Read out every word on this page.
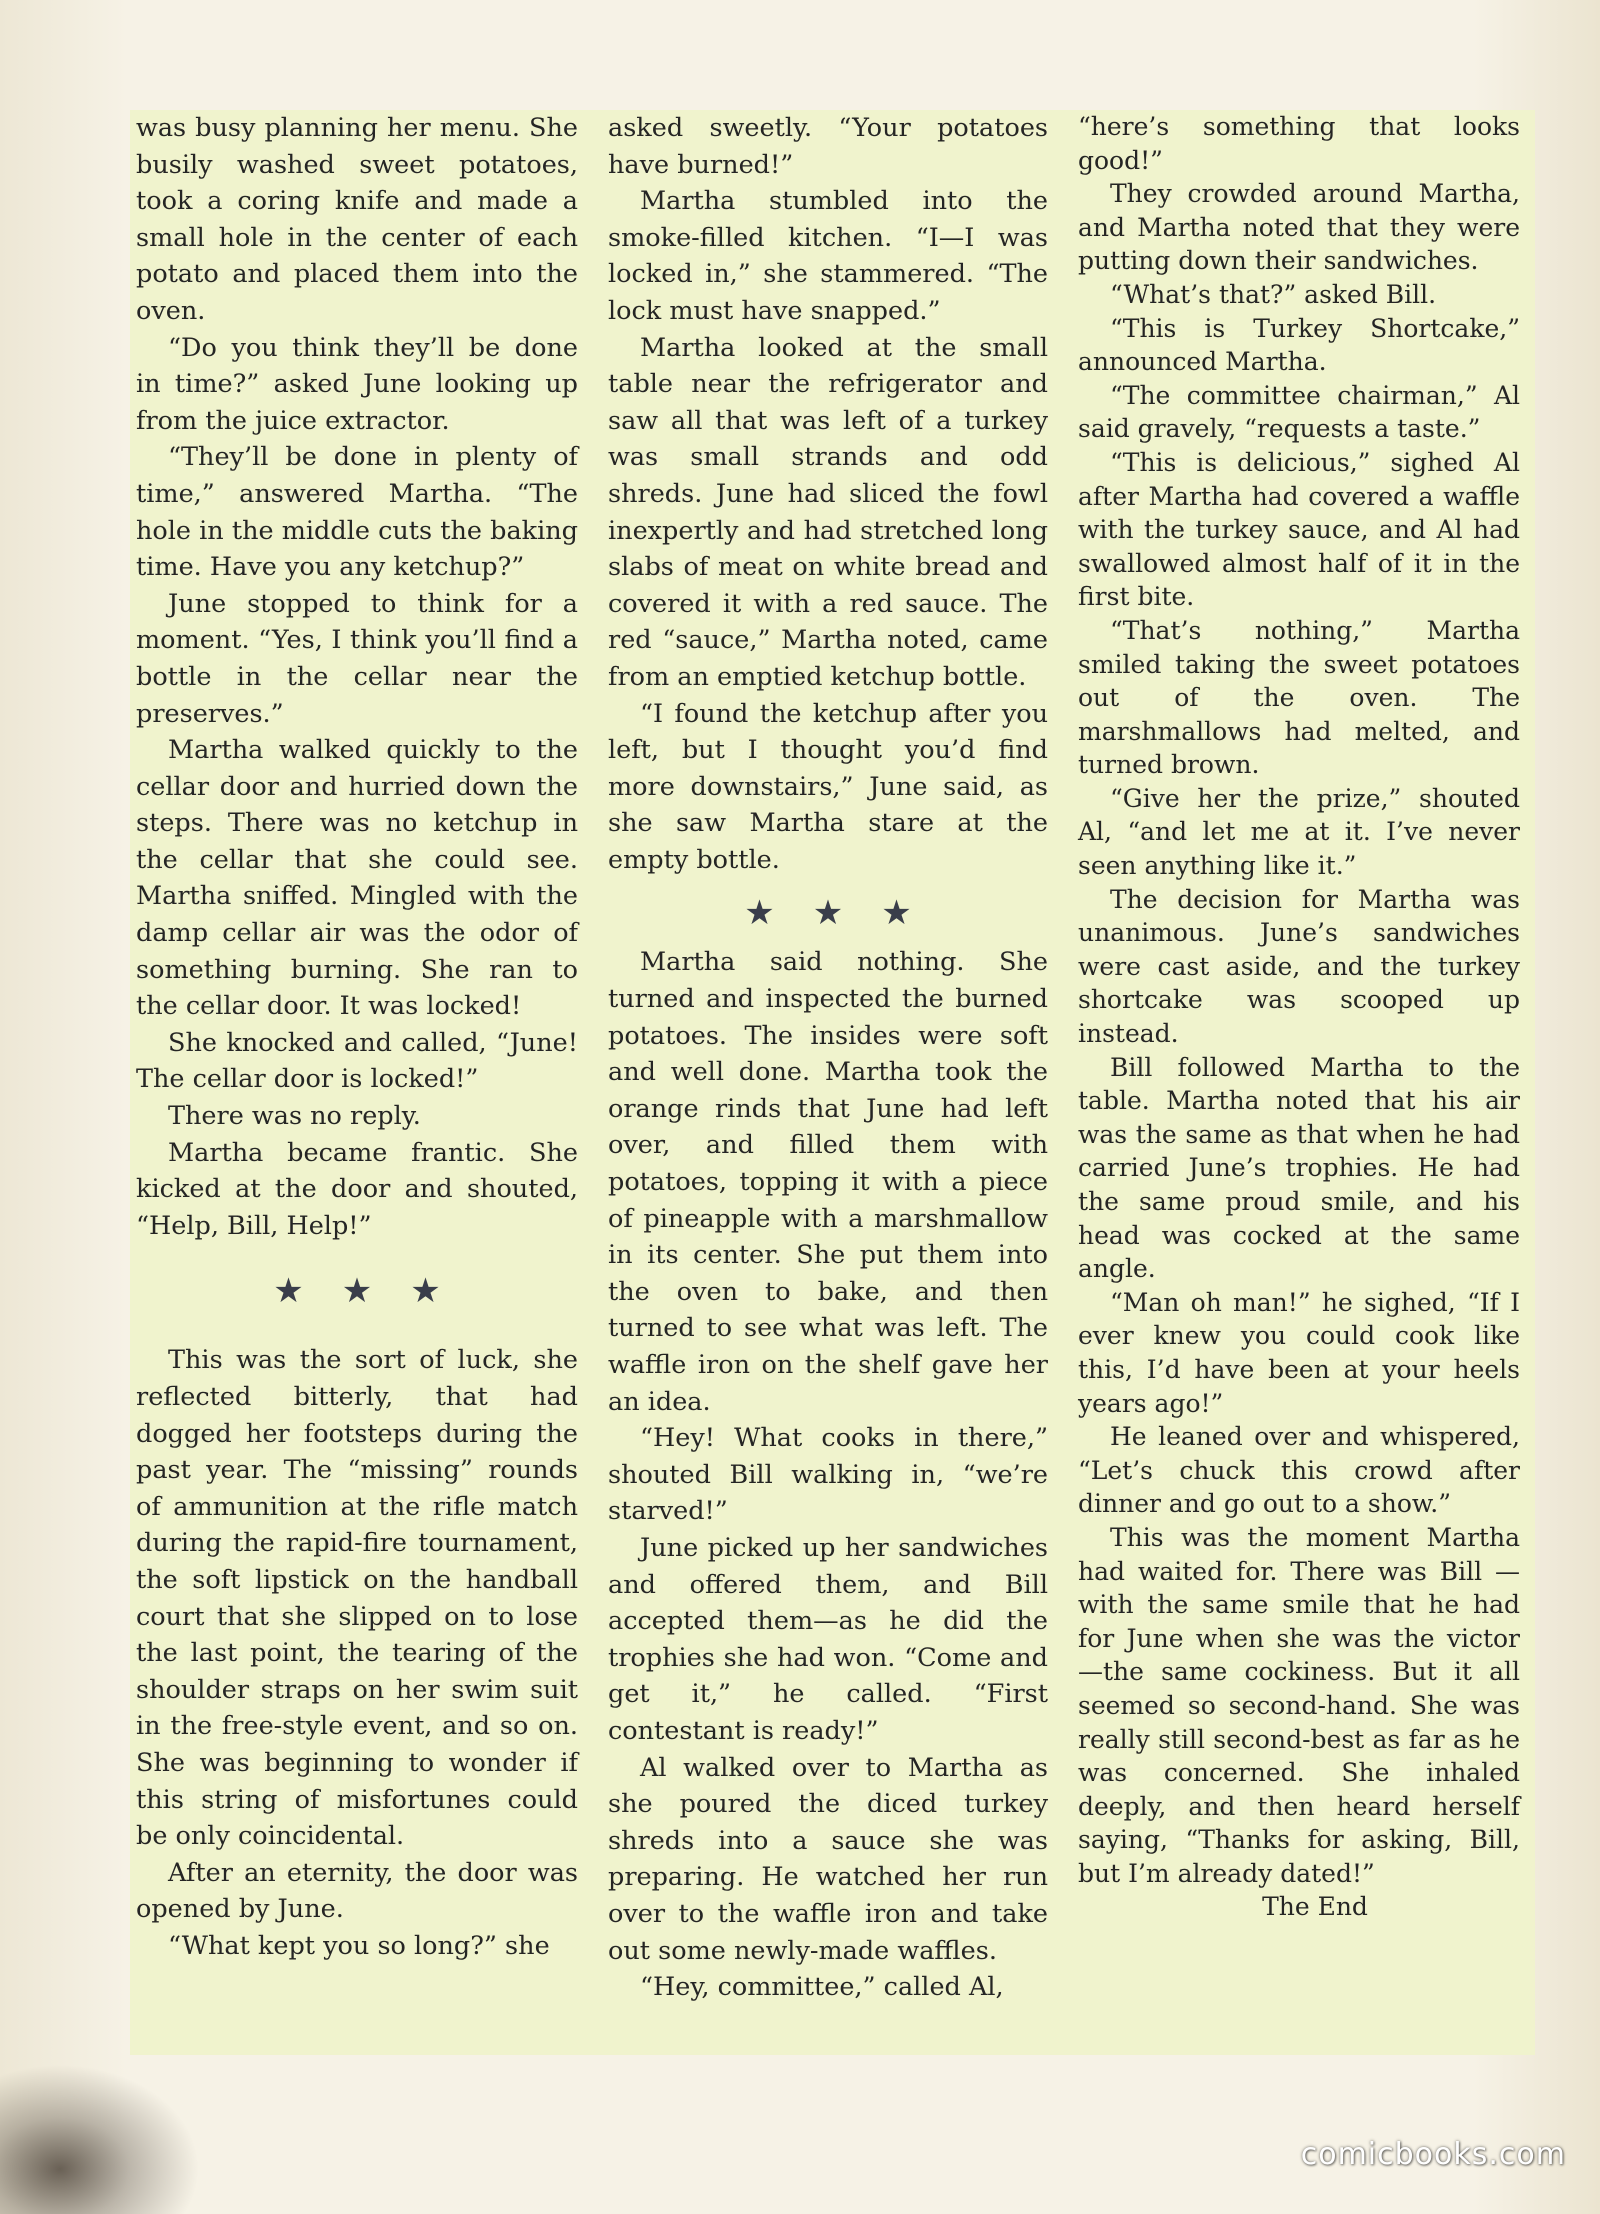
was busy planning her menu. She busily washed sweet potatoes, took a coring knife and made a small hole in the center of each potato and placed them into the oven.

“Do you think they’ll be done in time?” asked June looking up from the juice extractor.

“They’ll be done in plenty of time,” answered Martha. “The hole in the middle cuts the baking time. Have you any ketchup?”

June stopped to think for a moment. “Yes, I think you’ll find a bottle in the cellar near the preserves.”

Martha walked quickly to the cellar door and hurried down the steps. There was no ketchup in the cellar that she could see. Martha sniffed. Mingled with the damp cellar air was the odor of something burning. She ran to the cellar door. It was locked!

She knocked and called, “June! The cellar door is locked!”

There was no reply.

Martha became frantic. She kicked at the door and shouted, “Help, Bill, Help!”

★★★

This was the sort of luck, she reflected bitterly, that had dogged her footsteps during the past year. The “missing” rounds of ammunition at the rifle match during the rapid-fire tournament, the soft lipstick on the handball court that she slipped on to lose the last point, the tearing of the shoulder straps on her swim suit in the free-style event, and so on. She was beginning to wonder if this string of misfortunes could be only coincidental.

After an eternity, the door was opened by June.

“What kept you so long?” she

asked sweetly. “Your potatoes have burned!”

Martha stumbled into the smoke-filled kitchen. “I—I was locked in,” she stammered. “The lock must have snapped.”

Martha looked at the small table near the refrigerator and saw all that was left of a turkey was small strands and odd shreds. June had sliced the fowl inexpertly and had stretched long slabs of meat on white bread and covered it with a red sauce. The red “sauce,” Martha noted, came from an emptied ketchup bottle.

“I found the ketchup after you left, but I thought you’d find more downstairs,” June said, as she saw Martha stare at the empty bottle.

★★★

Martha said nothing. She turned and inspected the burned potatoes. The insides were soft and well done. Martha took the orange rinds that June had left over, and filled them with potatoes, topping it with a piece of pineapple with a marshmallow in its center. She put them into the oven to bake, and then turned to see what was left. The waffle iron on the shelf gave her an idea.

“Hey! What cooks in there,” shouted Bill walking in, “we’re starved!”

June picked up her sandwiches and offered them, and Bill accepted them—as he did the trophies she had won. “Come and get it,” he called. “First contestant is ready!”

Al walked over to Martha as she poured the diced turkey shreds into a sauce she was preparing. He watched her run over to the waffle iron and take out some newly-made waffles.

“Hey, committee,” called Al,

“here’s something that looks good!”

They crowded around Martha, and Martha noted that they were putting down their sandwiches.

“What’s that?” asked Bill.

“This is Turkey Shortcake,” announced Martha.

“The committee chairman,” Al said gravely, “requests a taste.”

“This is delicious,” sighed Al after Martha had covered a waffle with the turkey sauce, and Al had swallowed almost half of it in the first bite.

“That’s nothing,” Martha smiled taking the sweet potatoes out of the oven. The marshmallows had melted, and turned brown.

“Give her the prize,” shouted Al, “and let me at it. I’ve never seen anything like it.”

The decision for Martha was unanimous. June’s sandwiches were cast aside, and the turkey shortcake was scooped up instead.

Bill followed Martha to the table. Martha noted that his air was the same as that when he had carried June’s trophies. He had the same proud smile, and his head was cocked at the same angle.

“Man oh man!” he sighed, “If I ever knew you could cook like this, I’d have been at your heels years ago!”

He leaned over and whispered, “Let’s chuck this crowd after dinner and go out to a show.”

This was the moment Martha had waited for. There was Bill —with the same smile that he had for June when she was the victor —the same cockiness. But it all seemed so second-hand. She was really still second-best as far as he was concerned. She inhaled deeply, and then heard herself saying, “Thanks for asking, Bill, but I’m already dated!”

The End

comicbooks.com
